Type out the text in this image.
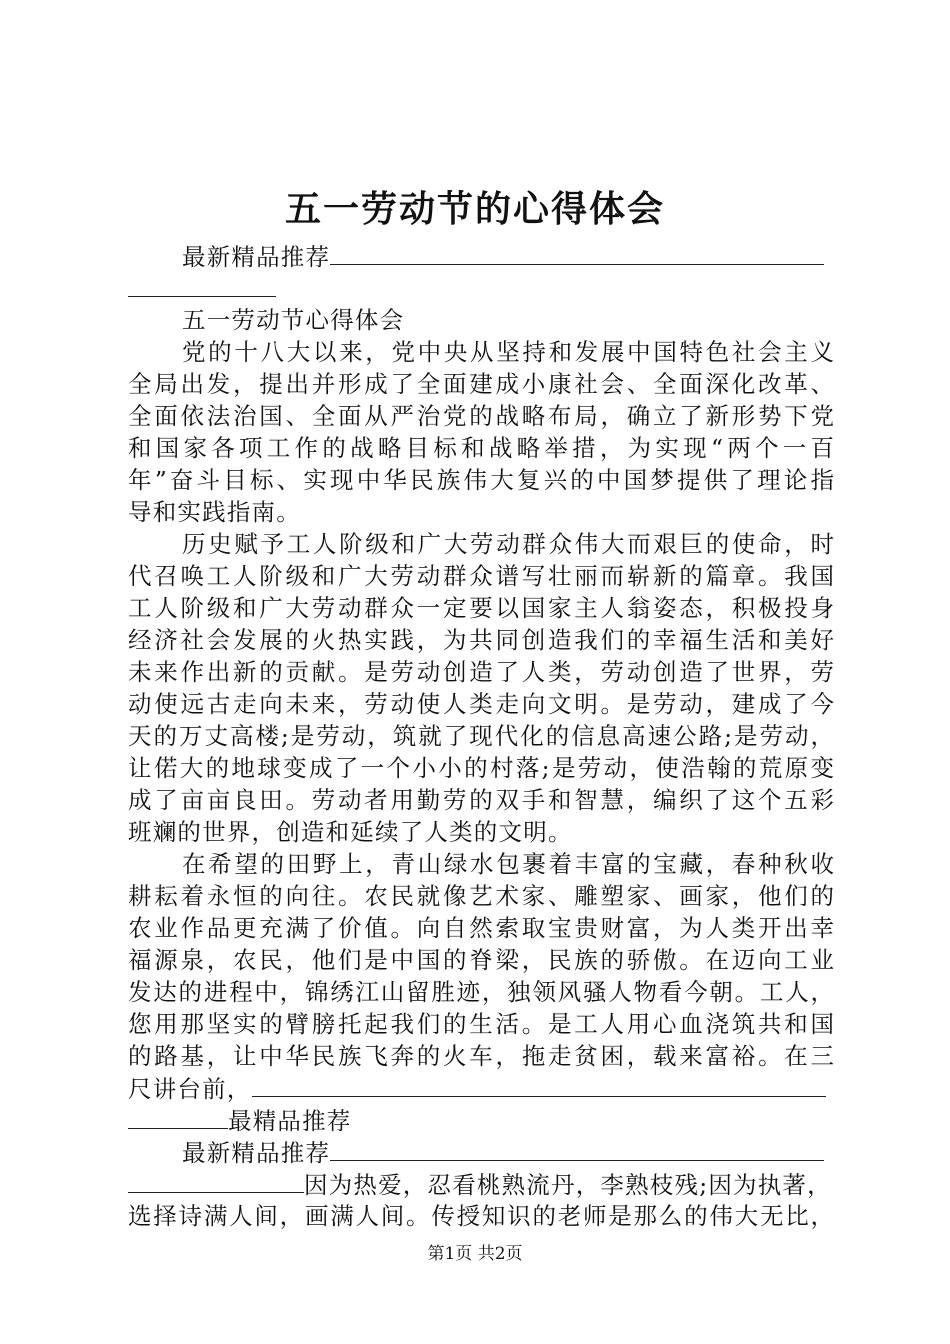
五一劳动节的心得体会
最新精品推荐
五一劳动节心得体会
党的十八大以来，党中央从坚持和发展中国特色社会主义
全局出发，提出并形成了全面建成小康社会、全面深化改革、
全面依法治国、全面从严治党的战略布局，确立了新形势下党
和国家各项工作的战略目标和战略举措，为实现“两个一百
年”奋斗目标、实现中华民族伟大复兴的中国梦提供了理论指
导和实践指南。
历史赋予工人阶级和广大劳动群众伟大而艰巨的使命，时
代召唤工人阶级和广大劳动群众谱写壮丽而崭新的篇章。我国
工人阶级和广大劳动群众一定要以国家主人翁姿态，积极投身
经济社会发展的火热实践，为共同创造我们的幸福生活和美好
未来作出新的贡献。是劳动创造了人类，劳动创造了世界，劳
动使远古走向未来，劳动使人类走向文明。是劳动，建成了今
天的万丈高楼;是劳动，筑就了现代化的信息高速公路;是劳动，
让偌大的地球变成了一个小小的村落;是劳动，使浩翰的荒原变
成了亩亩良田。劳动者用勤劳的双手和智慧，编织了这个五彩
班斓的世界，创造和延续了人类的文明。
在希望的田野上，青山绿水包裹着丰富的宝藏，春种秋收
耕耘着永恒的向往。农民就像艺术家、雕塑家、画家，他们的
农业作品更充满了价值。向自然索取宝贵财富，为人类开出幸
福源泉，农民，他们是中国的脊梁，民族的骄傲。在迈向工业
发达的进程中，锦绣江山留胜迹，独领风骚人物看今朝。工人，
您用那坚实的臂膀托起我们的生活。是工人用心血浇筑共和国
的路基，让中华民族飞奔的火车，拖走贫困，载来富裕。在三
尺讲台前，
最精品推荐
最新精品推荐
因为热爱，忍看桃熟流丹，李熟枝残;因为执著，
选择诗满人间，画满人间。传授知识的老师是那么的伟大无比，
第1页 共2页
